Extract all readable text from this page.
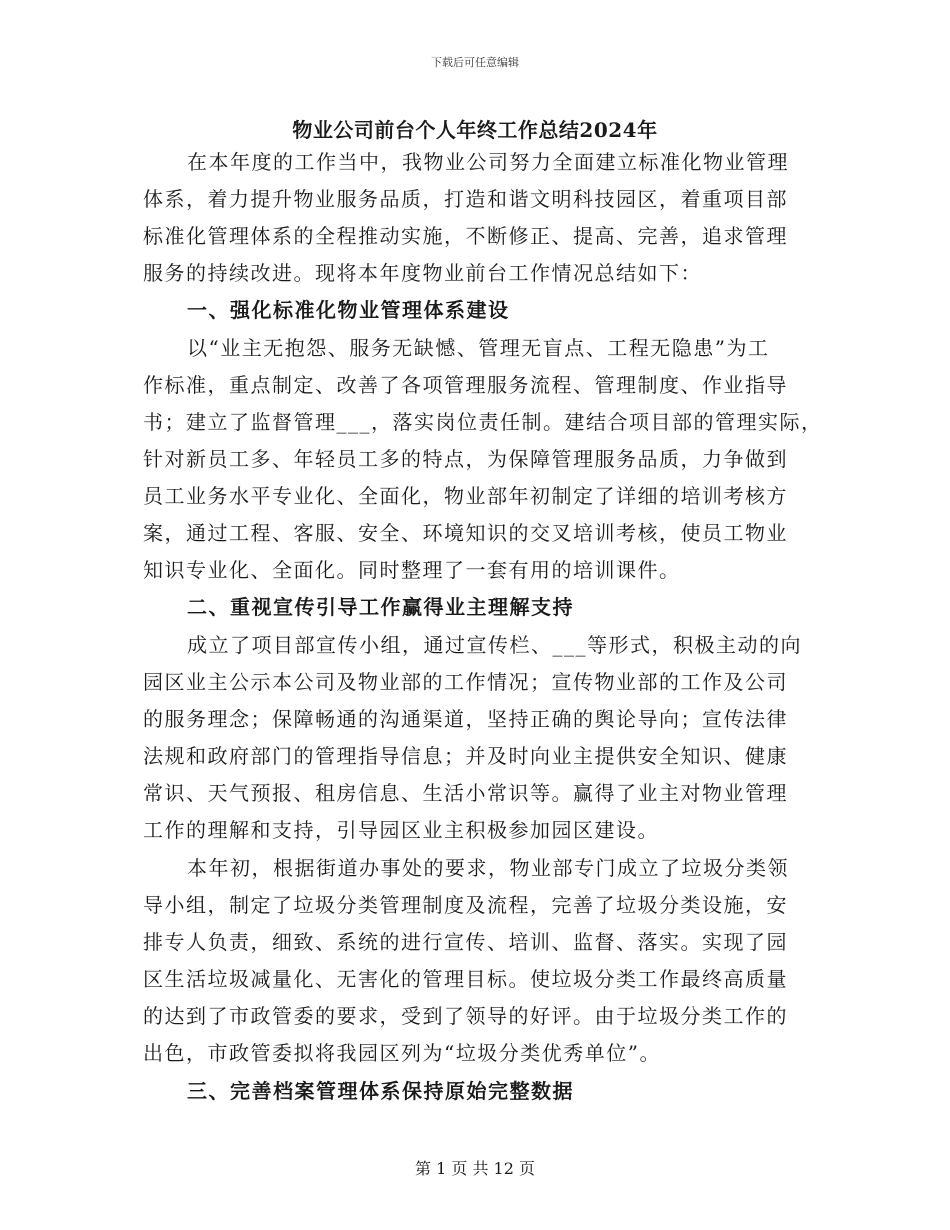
下载后可任意编辑
物业公司前台个人年终工作总结2024年
在本年度的工作当中，我物业公司努力全面建立标准化物业管理
体系，着力提升物业服务品质，打造和谐文明科技园区，着重项目部
标准化管理体系的全程推动实施，不断修正、提高、完善，追求管理
服务的持续改进。现将本年度物业前台工作情况总结如下：
一、强化标准化物业管理体系建设
以“业主无抱怨、服务无缺憾、管理无盲点、工程无隐患”为工
作标准，重点制定、改善了各项管理服务流程、管理制度、作业指导
书；建立了监督管理___，落实岗位责任制。建结合项目部的管理实际，
针对新员工多、年轻员工多的特点，为保障管理服务品质，力争做到
员工业务水平专业化、全面化，物业部年初制定了详细的培训考核方
案，通过工程、客服、安全、环境知识的交叉培训考核，使员工物业
知识专业化、全面化。同时整理了一套有用的培训课件。
二、重视宣传引导工作赢得业主理解支持
成立了项目部宣传小组，通过宣传栏、___等形式，积极主动的向
园区业主公示本公司及物业部的工作情况；宣传物业部的工作及公司
的服务理念；保障畅通的沟通渠道，坚持正确的舆论导向；宣传法律
法规和政府部门的管理指导信息；并及时向业主提供安全知识、健康
常识、天气预报、租房信息、生活小常识等。赢得了业主对物业管理
工作的理解和支持，引导园区业主积极参加园区建设。
本年初，根据街道办事处的要求，物业部专门成立了垃圾分类领
导小组，制定了垃圾分类管理制度及流程，完善了垃圾分类设施，安
排专人负责，细致、系统的进行宣传、培训、监督、落实。实现了园
区生活垃圾减量化、无害化的管理目标。使垃圾分类工作最终高质量
的达到了市政管委的要求，受到了领导的好评。由于垃圾分类工作的
出色，市政管委拟将我园区列为“垃圾分类优秀单位”。
三、完善档案管理体系保持原始完整数据
第 1 页 共 12 页
